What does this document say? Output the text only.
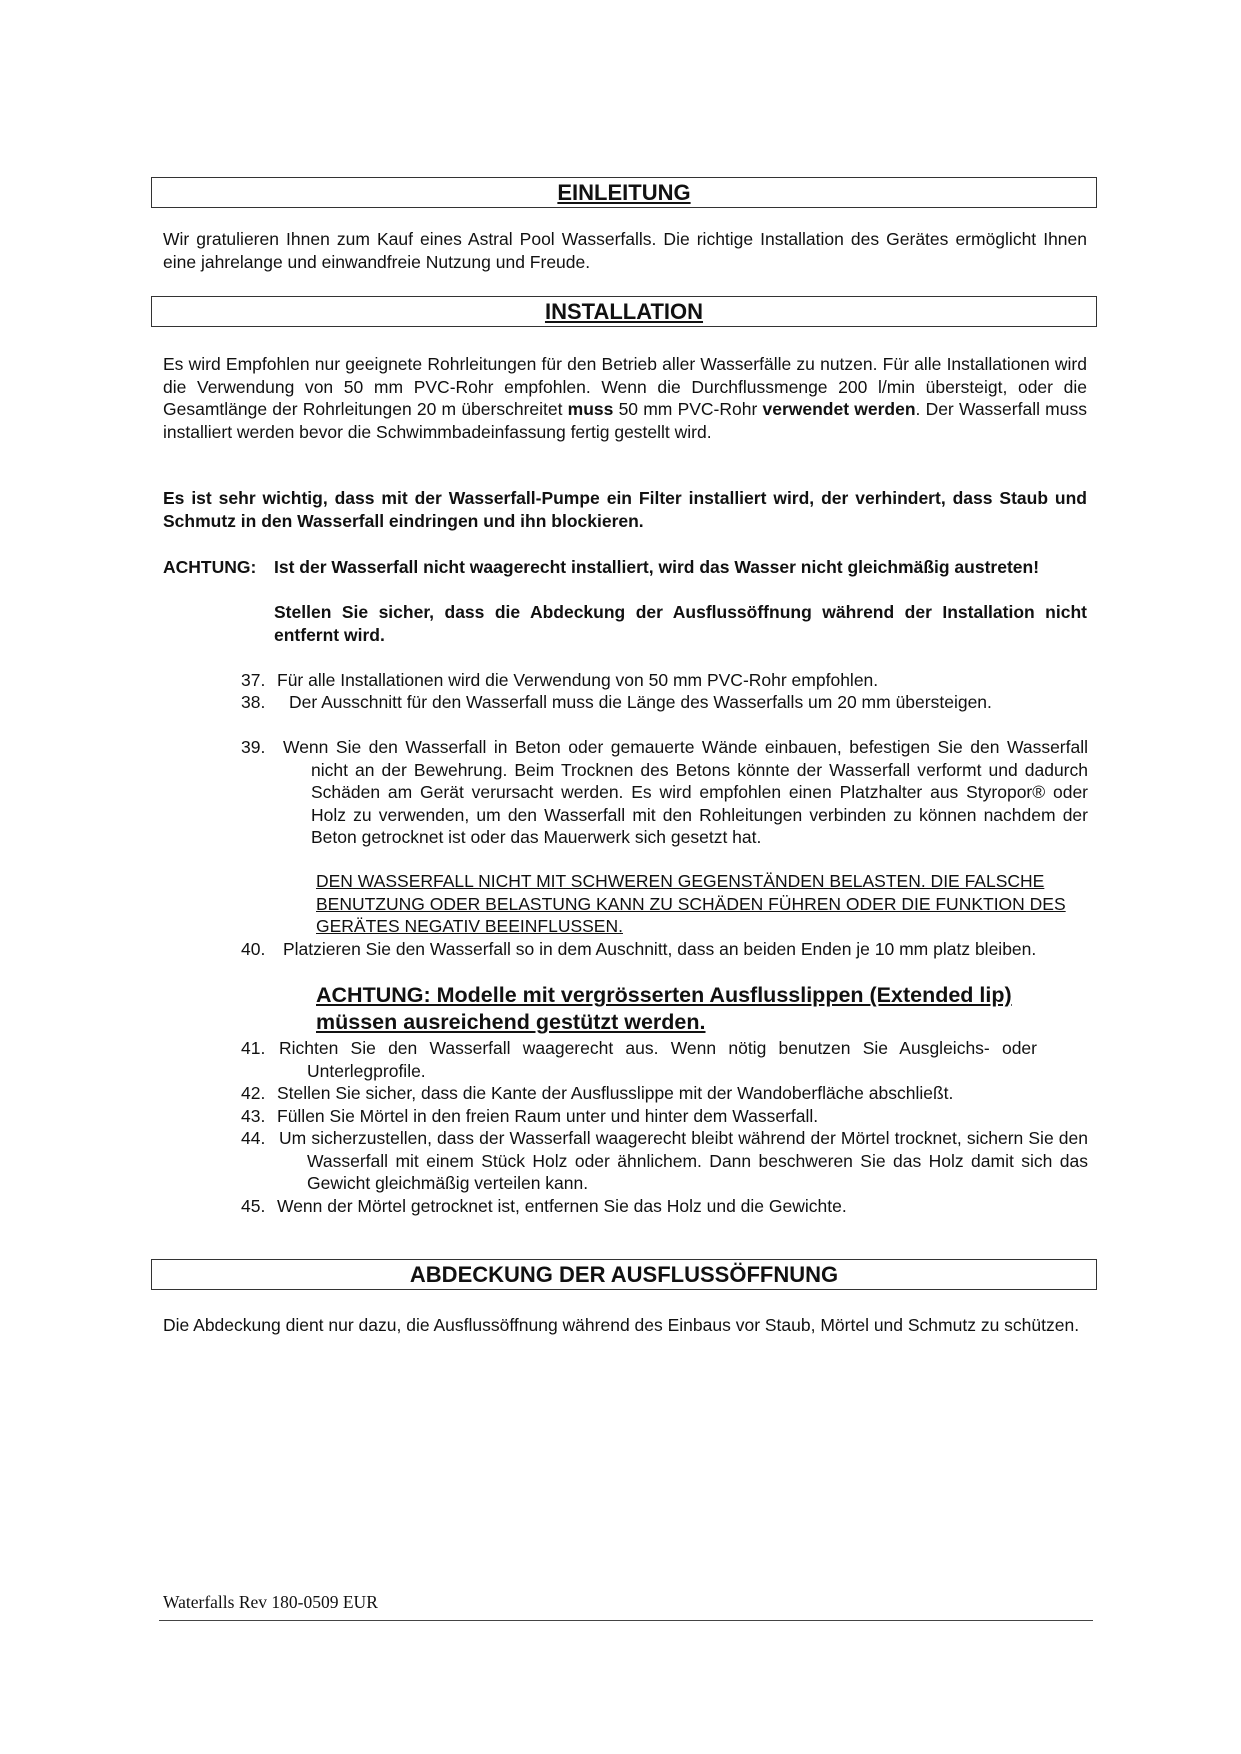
EINLEITUNG
Wir gratulieren Ihnen zum Kauf eines Astral Pool Wasserfalls. Die richtige Installation des Gerätes ermöglicht Ihnen eine jahrelange und einwandfreie Nutzung und Freude.
INSTALLATION
Es wird Empfohlen nur geeignete Rohrleitungen für den Betrieb aller Wasserfälle zu nutzen. Für alle Installationen wird die Verwendung von 50 mm PVC-Rohr empfohlen. Wenn die Durchflussmenge 200 l/min übersteigt, oder die Gesamtlänge der Rohrleitungen 20 m überschreitet muss 50 mm PVC-Rohr verwendet werden. Der Wasserfall muss installiert werden bevor die Schwimmbadeinfassung fertig gestellt wird.
Es ist sehr wichtig, dass mit der Wasserfall-Pumpe ein Filter installiert wird, der verhindert, dass Staub und Schmutz in den Wasserfall eindringen und ihn blockieren.
ACHTUNG: Ist der Wasserfall nicht waagerecht installiert, wird das Wasser nicht gleichmäßig austreten!
Stellen Sie sicher, dass die Abdeckung der Ausflussöffnung während der Installation nicht entfernt wird.
37. Für alle Installationen wird die Verwendung von 50 mm PVC-Rohr empfohlen.
38. Der Ausschnitt für den Wasserfall muss die Länge des Wasserfalls um 20 mm übersteigen.
39. Wenn Sie den Wasserfall in Beton oder gemauerte Wände einbauen, befestigen Sie den Wasserfall nicht an der Bewehrung. Beim Trocknen des Betons könnte der Wasserfall verformt und dadurch Schäden am Gerät verursacht werden. Es wird empfohlen einen Platzhalter aus Styropor® oder Holz zu verwenden, um den Wasserfall mit den Rohleitungen verbinden zu können nachdem der Beton getrocknet ist oder das Mauerwerk sich gesetzt hat.
DEN WASSERFALL NICHT MIT SCHWEREN GEGENSTÄNDEN BELASTEN. DIE FALSCHE BENUTZUNG ODER BELASTUNG KANN ZU SCHÄDEN FÜHREN ODER DIE FUNKTION DES GERÄTES NEGATIV BEEINFLUSSEN.
40. Platzieren Sie den Wasserfall so in dem Auschnitt, dass an beiden Enden je 10 mm platz bleiben.
ACHTUNG: Modelle mit vergrösserten Ausflusslippen (Extended lip) müssen ausreichend gestützt werden.
41. Richten Sie den Wasserfall waagerecht aus. Wenn nötig benutzen Sie Ausgleichs- oder Unterlegprofile.
42. Stellen Sie sicher, dass die Kante der Ausflusslippe mit der Wandoberfläche abschließt.
43. Füllen Sie Mörtel in den freien Raum unter und hinter dem Wasserfall.
44. Um sicherzustellen, dass der Wasserfall waagerecht bleibt während der Mörtel trocknet, sichern Sie den Wasserfall mit einem Stück Holz oder ähnlichem. Dann beschweren Sie das Holz damit sich das Gewicht gleichmäßig verteilen kann.
45. Wenn der Mörtel getrocknet ist, entfernen Sie das Holz und die Gewichte.
ABDECKUNG DER AUSFLUSSÖFFNUNG
Die Abdeckung dient nur dazu, die Ausflussöffnung während des Einbaus vor Staub, Mörtel und Schmutz zu schützen.
Waterfalls Rev 180-0509 EUR
